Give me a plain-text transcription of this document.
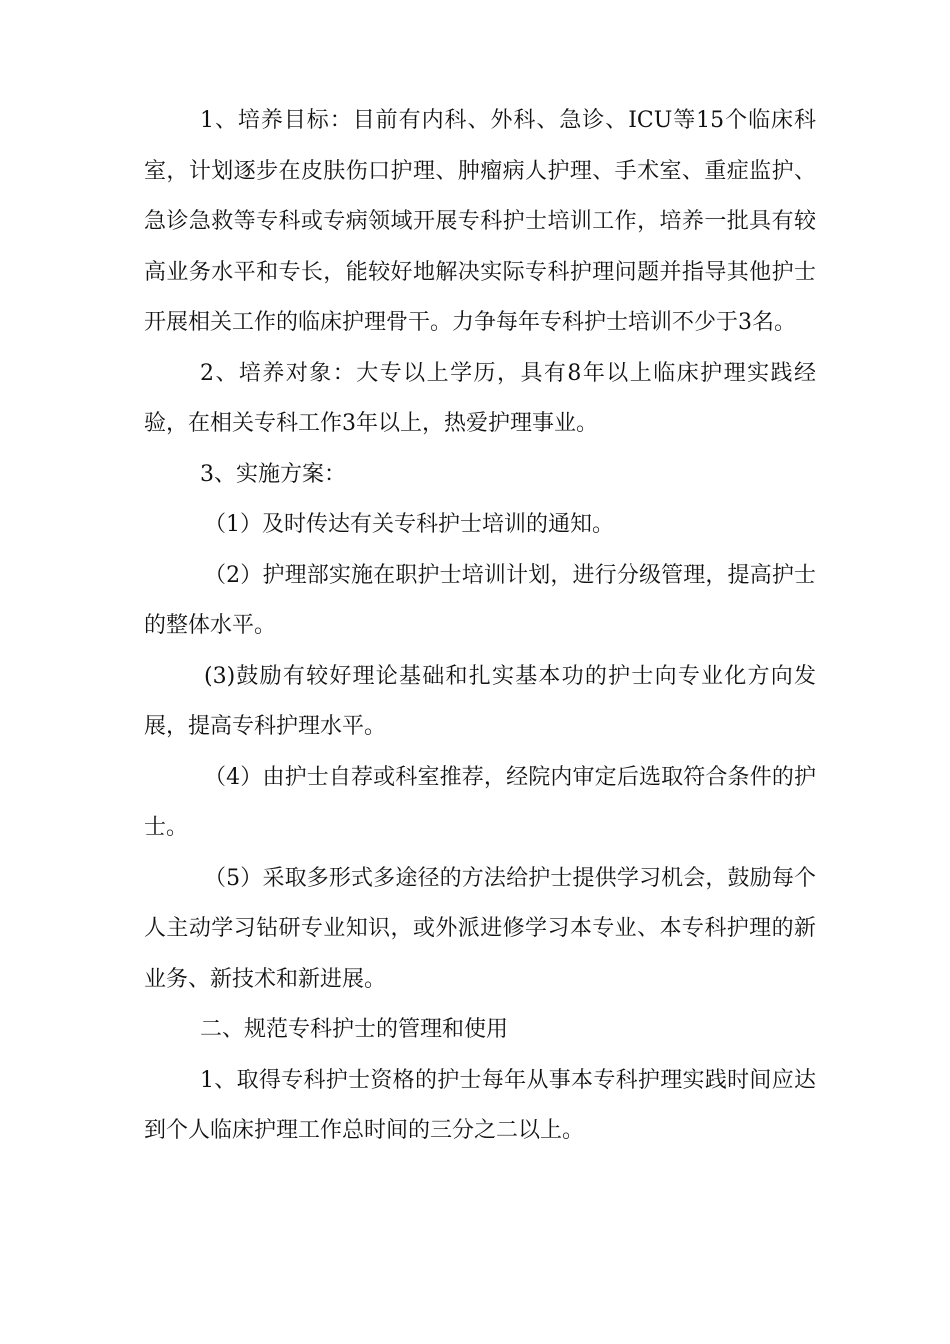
1、培养目标：目前有内科、外科、急诊、ICU等15个临床科室，计划逐步在皮肤伤口护理、肿瘤病人护理、手术室、重症监护、急诊急救等专科或专病领域开展专科护士培训工作，培养一批具有较高业务水平和专长，能较好地解决实际专科护理问题并指导其他护士开展相关工作的临床护理骨干。力争每年专科护士培训不少于3名。

2、培养对象：大专以上学历，具有8年以上临床护理实践经验，在相关专科工作3年以上，热爱护理事业。

3、实施方案：

（1）及时传达有关专科护士培训的通知。

（2）护理部实施在职护士培训计划，进行分级管理，提高护士的整体水平。

(3)鼓励有较好理论基础和扎实基本功的护士向专业化方向发展，提高专科护理水平。

（4）由护士自荐或科室推荐，经院内审定后选取符合条件的护士。

（5）采取多形式多途径的方法给护士提供学习机会，鼓励每个人主动学习钻研专业知识，或外派进修学习本专业、本专科护理的新业务、新技术和新进展。

二、规范专科护士的管理和使用

1、取得专科护士资格的护士每年从事本专科护理实践时间应达到个人临床护理工作总时间的三分之二以上。
